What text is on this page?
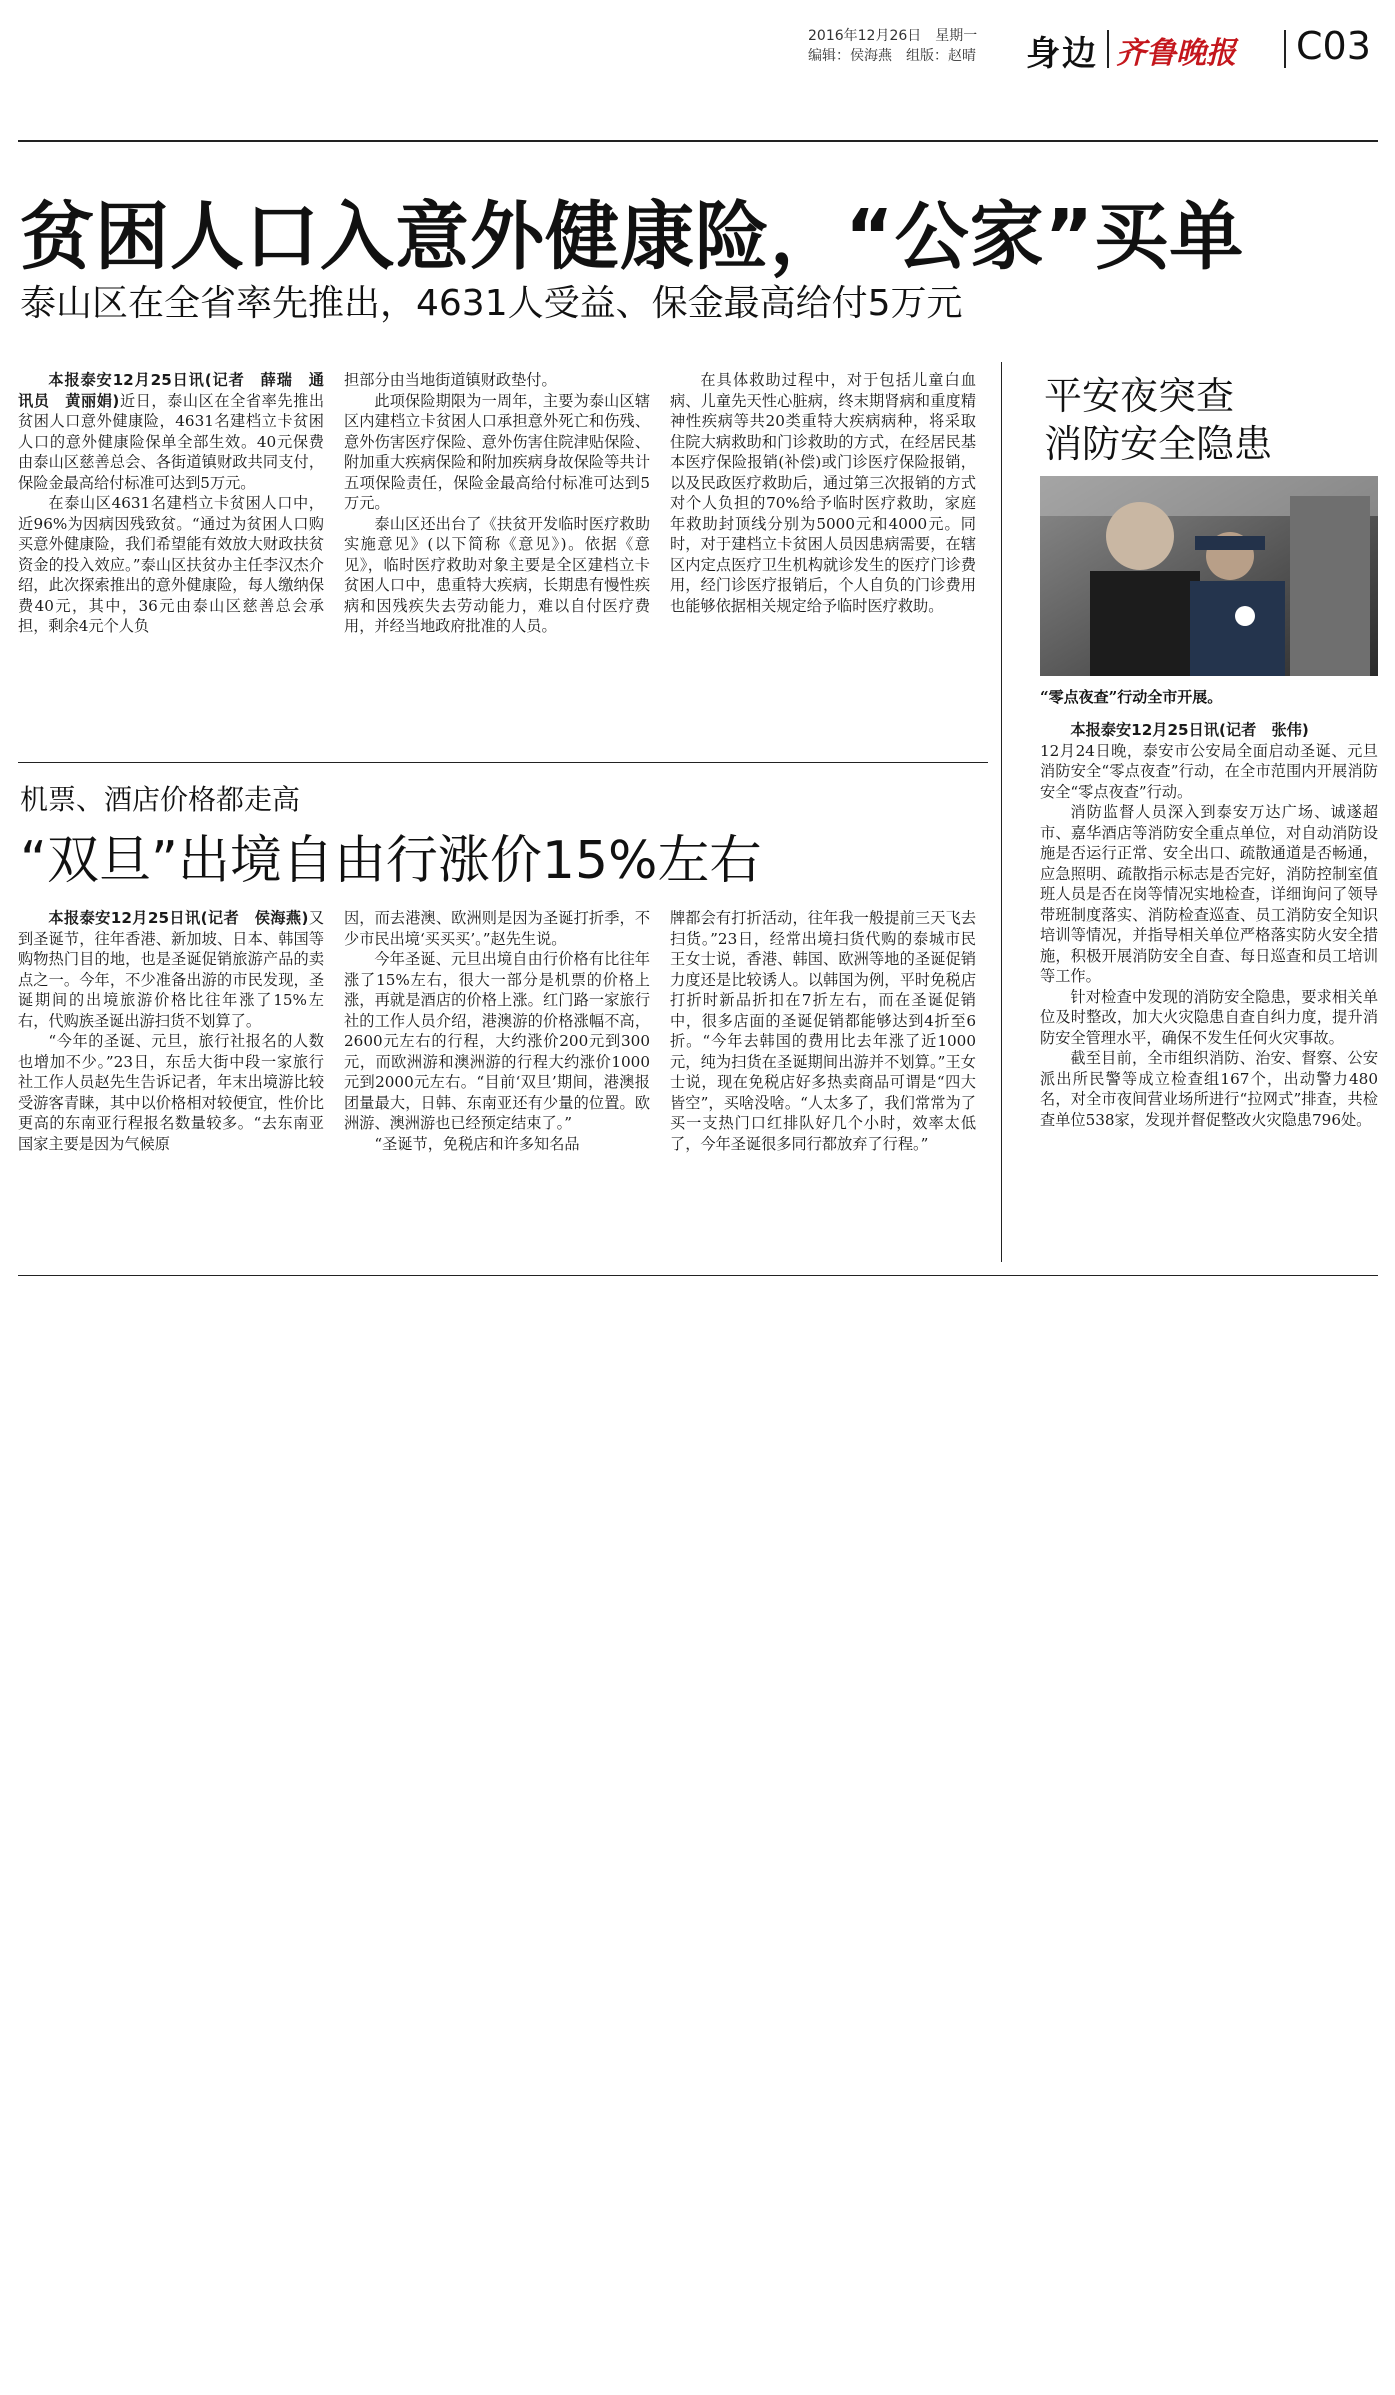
2016年12月26日　星期一
编辑：侯海燕　组版：赵晴 身边 齐鲁晚报 C03
贫困人口入意外健康险，“公家”买单
泰山区在全省率先推出，4631人受益、保金最高给付5万元

本报泰安12月25日讯(记者　薛瑞　通讯员　黄丽娟)近日，泰山区在全省率先推出贫困人口意外健康险，4631名建档立卡贫困人口的意外健康险保单全部生效。40元保费由泰山区慈善总会、各街道镇财政共同支付，保险金最高给付标准可达到5万元。

在泰山区4631名建档立卡贫困人口中，近96%为因病因残致贫。“通过为贫困人口购买意外健康险，我们希望能有效放大财政扶贫资金的投入效应。”泰山区扶贫办主任李汉杰介绍，此次探索推出的意外健康险，每人缴纳保费40元，其中，36元由泰山区慈善总会承担，剩余4元个人负

担部分由当地街道镇财政垫付。

此项保险期限为一周年，主要为泰山区辖区内建档立卡贫困人口承担意外死亡和伤残、意外伤害医疗保险、意外伤害住院津贴保险、附加重大疾病保险和附加疾病身故保险等共计五项保险责任，保险金最高给付标准可达到5万元。

泰山区还出台了《扶贫开发临时医疗救助实施意见》(以下简称《意见》)。依据《意见》，临时医疗救助对象主要是全区建档立卡贫困人口中，患重特大疾病，长期患有慢性疾病和因残疾失去劳动能力，难以自付医疗费用，并经当地政府批准的人员。

在具体救助过程中，对于包括儿童白血病、儿童先天性心脏病，终末期肾病和重度精神性疾病等共20类重特大疾病病种，将采取住院大病救助和门诊救助的方式，在经居民基本医疗保险报销(补偿)或门诊医疗保险报销，以及民政医疗救助后，通过第三次报销的方式对个人负担的70%给予临时医疗救助，家庭年救助封顶线分别为5000元和4000元。同时，对于建档立卡贫困人员因患病需要，在辖区内定点医疗卫生机构就诊发生的医疗门诊费用，经门诊医疗报销后，个人自负的门诊费用也能够依据相关规定给予临时医疗救助。

机票、酒店价格都走高
“双旦”出境自由行涨价15%左右

本报泰安12月25日讯(记者　侯海燕)又到圣诞节，往年香港、新加坡、日本、韩国等购物热门目的地，也是圣诞促销旅游产品的卖点之一。今年，不少准备出游的市民发现，圣诞期间的出境旅游价格比往年涨了15%左右，代购族圣诞出游扫货不划算了。

“今年的圣诞、元旦，旅行社报名的人数也增加不少。”23日，东岳大街中段一家旅行社工作人员赵先生告诉记者，年末出境游比较受游客青睐，其中以价格相对较便宜，性价比更高的东南亚行程报名数量较多。“去东南亚国家主要是因为气候原

因，而去港澳、欧洲则是因为圣诞打折季，不少市民出境‘买买买’。”赵先生说。

今年圣诞、元旦出境自由行价格有比往年涨了15%左右，很大一部分是机票的价格上涨，再就是酒店的价格上涨。红门路一家旅行社的工作人员介绍，港澳游的价格涨幅不高，2600元左右的行程，大约涨价200元到300元，而欧洲游和澳洲游的行程大约涨价1000元到2000元左右。“目前‘双旦’期间，港澳报团量最大，日韩、东南亚还有少量的位置。欧洲游、澳洲游也已经预定结束了。”

“圣诞节，免税店和许多知名品

牌都会有打折活动，往年我一般提前三天飞去扫货。”23日，经常出境扫货代购的泰城市民王女士说，香港、韩国、欧洲等地的圣诞促销力度还是比较诱人。以韩国为例，平时免税店打折时新品折扣在7折左右，而在圣诞促销中，很多店面的圣诞促销都能够达到4折至6折。“今年去韩国的费用比去年涨了近1000元，纯为扫货在圣诞期间出游并不划算。”王女士说，现在免税店好多热卖商品可谓是“四大皆空”，买啥没啥。“人太多了，我们常常为了买一支热门口红排队好几个小时，效率太低了，今年圣诞很多同行都放弃了行程。”

平安夜突查
消防安全隐患
“零点夜查”行动全市开展。

本报泰安12月25日讯(记者　张伟)

12月24日晚，泰安市公安局全面启动圣诞、元旦消防安全“零点夜查”行动，在全市范围内开展消防安全“零点夜查”行动。

消防监督人员深入到泰安万达广场、诚遂超市、嘉华酒店等消防安全重点单位，对自动消防设施是否运行正常、安全出口、疏散通道是否畅通，应急照明、疏散指示标志是否完好，消防控制室值班人员是否在岗等情况实地检查，详细询问了领导带班制度落实、消防检查巡查、员工消防安全知识培训等情况，并指导相关单位严格落实防火安全措施，积极开展消防安全自查、每日巡查和员工培训等工作。

针对检查中发现的消防安全隐患，要求相关单位及时整改，加大火灾隐患自查自纠力度，提升消防安全管理水平，确保不发生任何火灾事故。

截至目前，全市组织消防、治安、督察、公安派出所民警等成立检查组167个，出动警力480名，对全市夜间营业场所进行“拉网式”排查，共检查单位538家，发现并督促整改火灾隐患796处。
